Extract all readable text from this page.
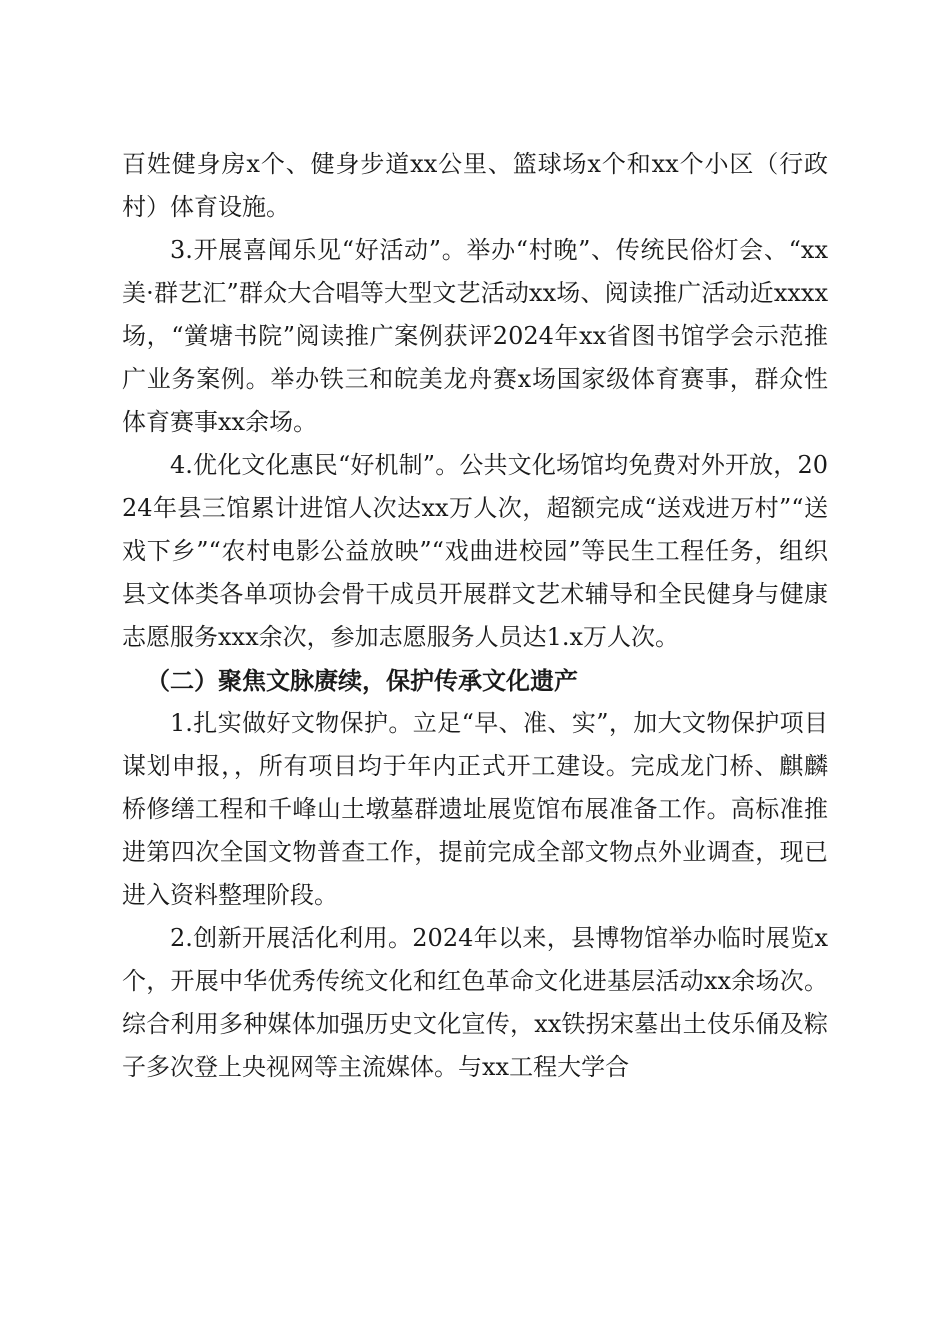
百姓健身房x个、健身步道xx公里、篮球场x个和xx个小区（行政村）体育设施。

3.开展喜闻乐见“好活动”。举办“村晚”、传统民俗灯会、“xx美·群艺汇”群众大合唱等大型文艺活动xx场、阅读推广活动近xxxx场，“黉塘书院”阅读推广案例获评2024年xx省图书馆学会示范推广业务案例。举办铁三和皖美龙舟赛x场国家级体育赛事，群众性体育赛事xx余场。

4.优化文化惠民“好机制”。公共文化场馆均免费对外开放，2024年县三馆累计进馆人次达xx万人次，超额完成“送戏进万村”“送戏下乡”“农村电影公益放映”“戏曲进校园”等民生工程任务，组织县文体类各单项协会骨干成员开展群文艺术辅导和全民健身与健康志愿服务xxx余次，参加志愿服务人员达1.x万人次。

（二）聚焦文脉赓续，保护传承文化遗产

1.扎实做好文物保护。立足“早、准、实”，加大文物保护项目谋划申报，，所有项目均于年内正式开工建设。完成龙门桥、麒麟桥修缮工程和千峰山土墩墓群遗址展览馆布展准备工作。高标准推进第四次全国文物普查工作，提前完成全部文物点外业调查，现已进入资料整理阶段。

2.创新开展活化利用。2024年以来，县博物馆举办临时展览x个，开展中华优秀传统文化和红色革命文化进基层活动xx余场次。综合利用多种媒体加强历史文化宣传，xx铁拐宋墓出土伎乐俑及粽子多次登上央视网等主流媒体。与xx工程大学合
